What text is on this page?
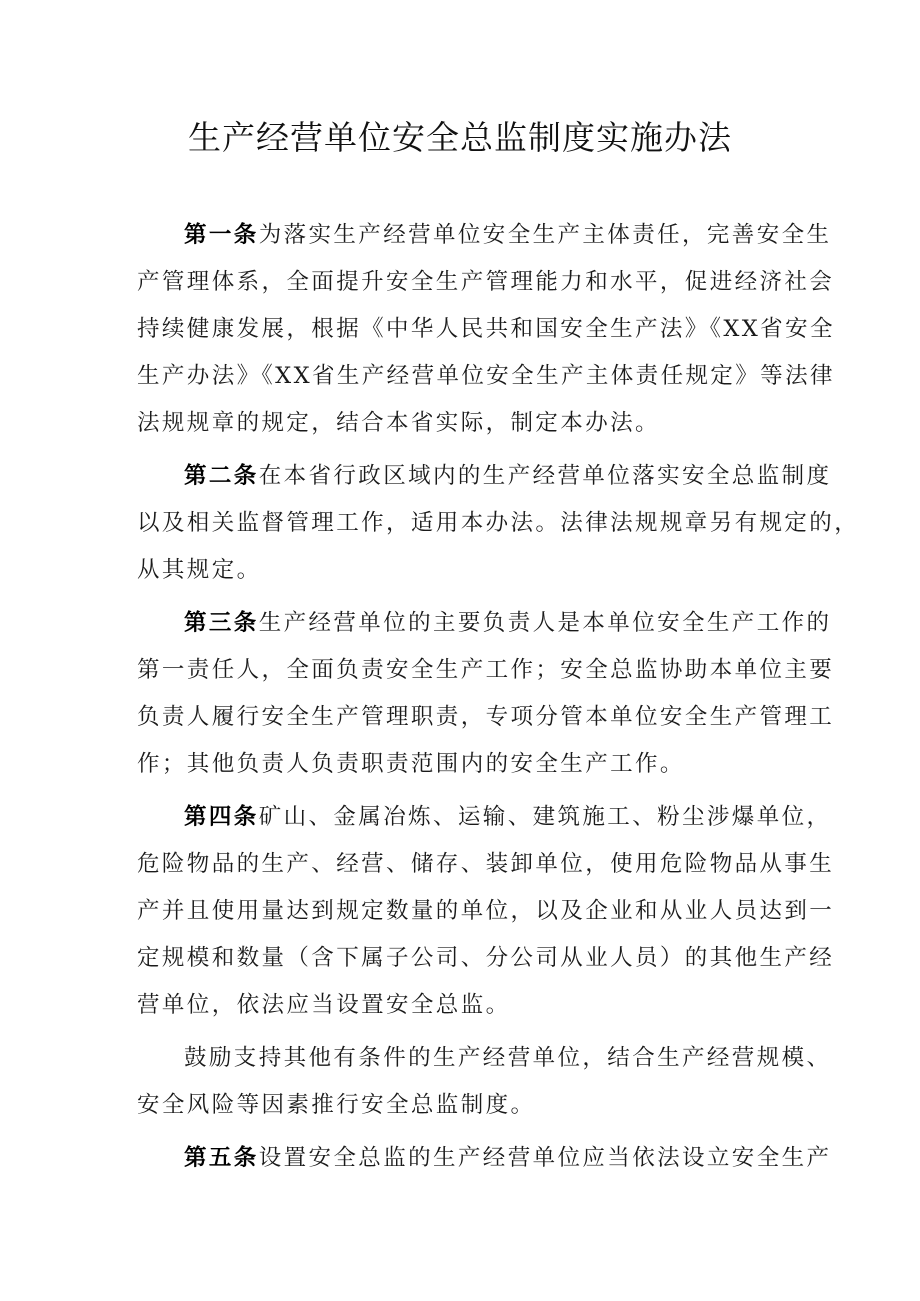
生产经营单位安全总监制度实施办法
第一条为落实生产经营单位安全生产主体责任，完善安全生
产管理体系，全面提升安全生产管理能力和水平，促进经济社会
持续健康发展，根据《中华人民共和国安全生产法》《XX省安全
生产办法》《XX省生产经营单位安全生产主体责任规定》等法律
法规规章的规定，结合本省实际，制定本办法。
第二条在本省行政区域内的生产经营单位落实安全总监制度
以及相关监督管理工作，适用本办法。法律法规规章另有规定的，
从其规定。
第三条生产经营单位的主要负责人是本单位安全生产工作的
第一责任人，全面负责安全生产工作；安全总监协助本单位主要
负责人履行安全生产管理职责，专项分管本单位安全生产管理工
作；其他负责人负责职责范围内的安全生产工作。
第四条矿山、金属冶炼、运输、建筑施工、粉尘涉爆单位，
危险物品的生产、经营、储存、装卸单位，使用危险物品从事生
产并且使用量达到规定数量的单位，以及企业和从业人员达到一
定规模和数量（含下属子公司、分公司从业人员）的其他生产经
营单位，依法应当设置安全总监。
鼓励支持其他有条件的生产经营单位，结合生产经营规模、
安全风险等因素推行安全总监制度。
第五条设置安全总监的生产经营单位应当依法设立安全生产
